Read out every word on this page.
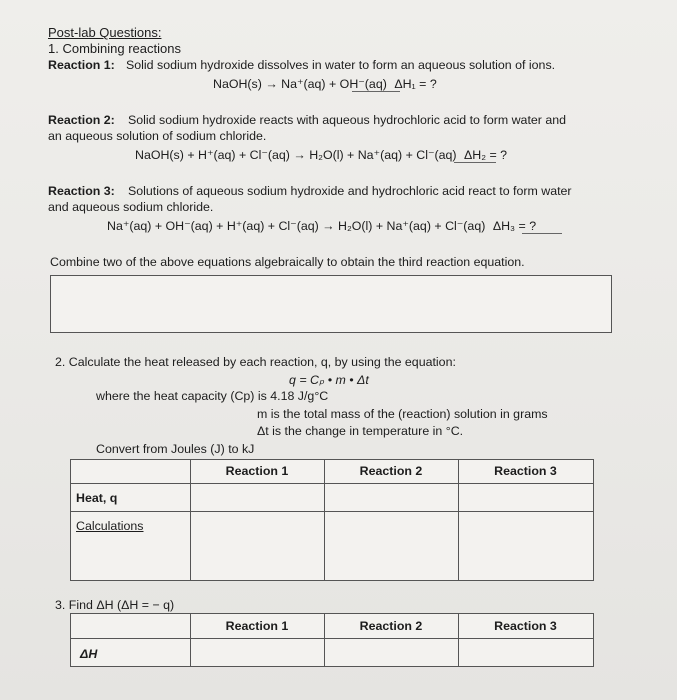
Post-lab Questions:
1. Combining reactions
Reaction 1: Solid sodium hydroxide dissolves in water to form an aqueous solution of ions.
NaOH(s) → Na⁺(aq) + OH⁻(aq) ΔH₁ = ?
Reaction 2: Solid sodium hydroxide reacts with aqueous hydrochloric acid to form water and
an aqueous solution of sodium chloride.
NaOH(s) + H⁺(aq) + Cl⁻(aq) → H₂O(l) + Na⁺(aq) + Cl⁻(aq) ΔH₂ = ?
Reaction 3: Solutions of aqueous sodium hydroxide and hydrochloric acid react to form water
and aqueous sodium chloride.
Na⁺(aq) + OH⁻(aq) + H⁺(aq) + Cl⁻(aq) → H₂O(l) + Na⁺(aq) + Cl⁻(aq) ΔH₃ = ?
Combine two of the above equations algebraically to obtain the third reaction equation.
2. Calculate the heat released by each reaction, q, by using the equation:
q = Cₚ • m • Δt
where the heat capacity (Cp) is 4.18 J/g°C
m is the total mass of the (reaction) solution in grams
Δt is the change in temperature in °C.
Convert from Joules (J) to kJ
Reaction 1	Reaction 2	Reaction 3
Heat, q
Calculations
3. Find ΔH (ΔH = − q)
Reaction 1	Reaction 2	Reaction 3
ΔH
